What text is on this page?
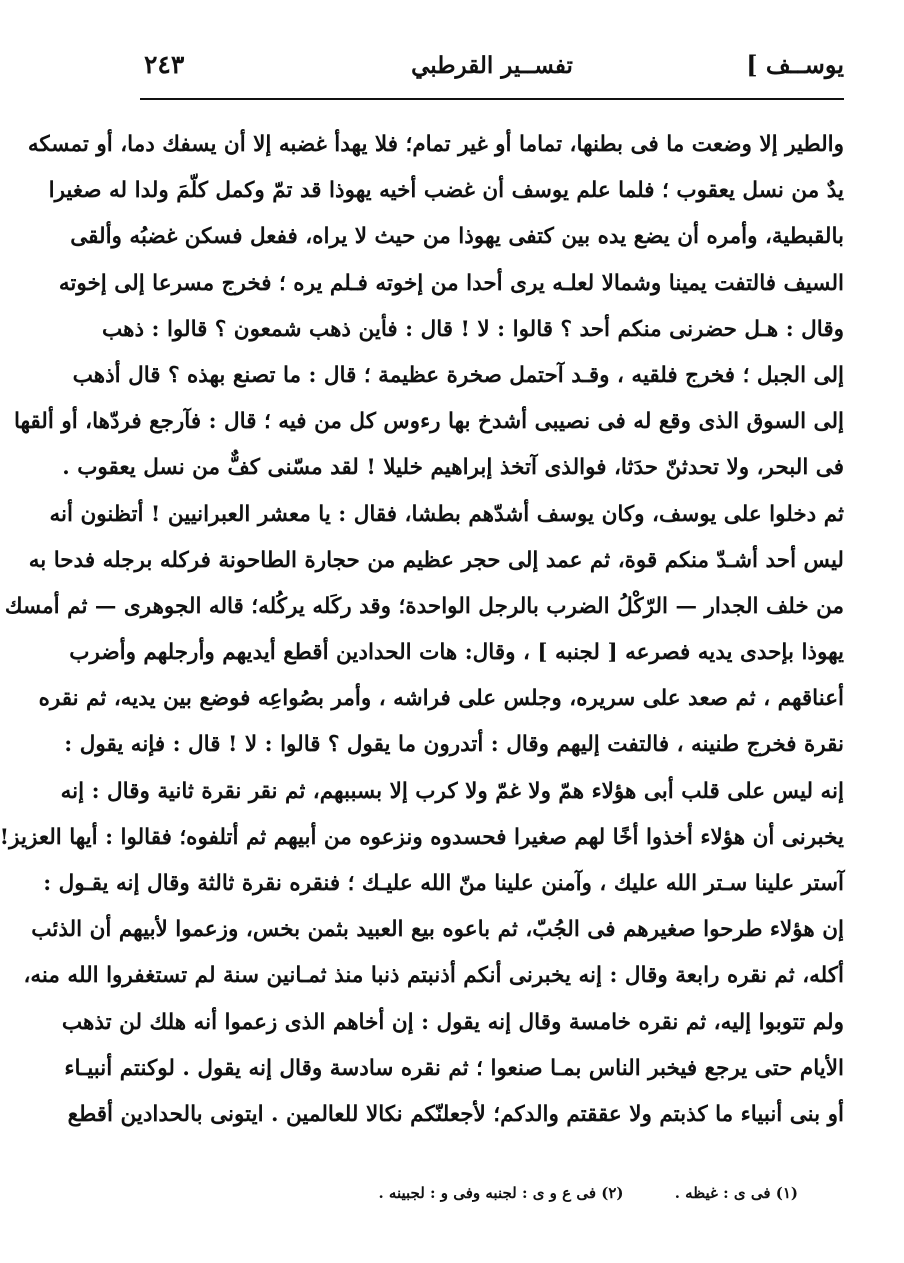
يوســف ]
تفســير القرطبي
٢٤٣
والطير إلا وضعت ما فى بطنها، تماما أو غير تمام؛ فلا يهدأ غضبه إلا أن يسفك دما، أو تمسكه
يدٌ من نسل يعقوب ؛ فلما علم يوسف أن غضب أخيه يهوذا قد تمّ وكمل كلّمَ ولدا له صغيرا
بالقبطية، وأمره أن يضع يده بين كتفى يهوذا من حيث لا يراه، ففعل فسكن غضبُه وألقى
السيف فالتفت يمينا وشمالا لعلـه يرى أحدا من إخوته فـلم يره ؛ فخرج مسرعا إلى إخوته
وقال : هـل حضرنى منكم أحد ؟ قالوا : لا ! قال : فأين ذهب شمعون ؟ قالوا : ذهب
إلى الجبل ؛ فخرج فلقيه ، وقـد آحتمل صخرة عظيمة ؛ قال : ما تصنع بهذه ؟ قال أذهب
إلى السوق الذى وقع له فى نصيبى أشدخ بها رءوس كل من فيه ؛ قال : فآرجع فردّها، أو ألقها
فى البحر، ولا تحدثنّ حدَثا، فوالذى آتخذ إبراهيم خليلا ! لقد مسّنى كفٌّ من نسل يعقوب .
ثم دخلوا على يوسف، وكان يوسف أشدّهم بطشا، فقال : يا معشر العبرانيين ! أتظنون أنه
ليس أحد أشـدّ منكم قوة، ثم عمد إلى حجر عظيم من حجارة الطاحونة فركله برجله فدحا به
من خلف الجدار — الرّكْلُ الضرب بالرجل الواحدة؛ وقد ركَله يركُله؛ قاله الجوهرى — ثم أمسك
يهوذا بإحدى يديه فصرعه [ لجنبه ] ، وقال: هات الحدادين أقطع أيديهم وأرجلهم وأضرب
أعناقهم ، ثم صعد على سريره، وجلس على فراشه ، وأمر بصُواعِه فوضع بين يديه، ثم نقره
نقرة فخرج طنينه ، فالتفت إليهم وقال : أتدرون ما يقول ؟ قالوا : لا ! قال : فإنه يقول :
إنه ليس على قلب أبى هؤلاء همّ ولا غمّ ولا كرب إلا بسببهم، ثم نقر نقرة ثانية وقال : إنه
يخبرنى أن هؤلاء أخذوا أخًا لهم صغيرا فحسدوه ونزعوه من أبيهم ثم أتلفوه؛ فقالوا : أيها العزيز!
آستر علينا سـتر الله عليك ، وآمنن علينا منّ الله عليـك ؛ فنقره نقرة ثالثة وقال إنه يقـول :
إن هؤلاء طرحوا صغيرهم فى الجُبّ، ثم باعوه بيع العبيد بثمن بخس، وزعموا لأبيهم أن الذئب
أكله، ثم نقره رابعة وقال : إنه يخبرنى أنكم أذنبتم ذنبا منذ ثمـانين سنة لم تستغفروا الله منه،
ولم تتوبوا إليه، ثم نقره خامسة وقال إنه يقول : إن أخاهم الذى زعموا أنه هلك لن تذهب
الأيام حتى يرجع فيخبر الناس بمـا صنعوا ؛ ثم نقره سادسة وقال إنه يقول . لوكنتم أنبيـاء
أو بنى أنبياء ما كذبتم ولا عققتم والدكم؛ لأجعلنّكم نكالا للعالمين . ايتونى بالحدادين أقطع
(١) فى ى : غيظه . (٢) فى ع و ى : لجنبه وفى و : لجبينه .
